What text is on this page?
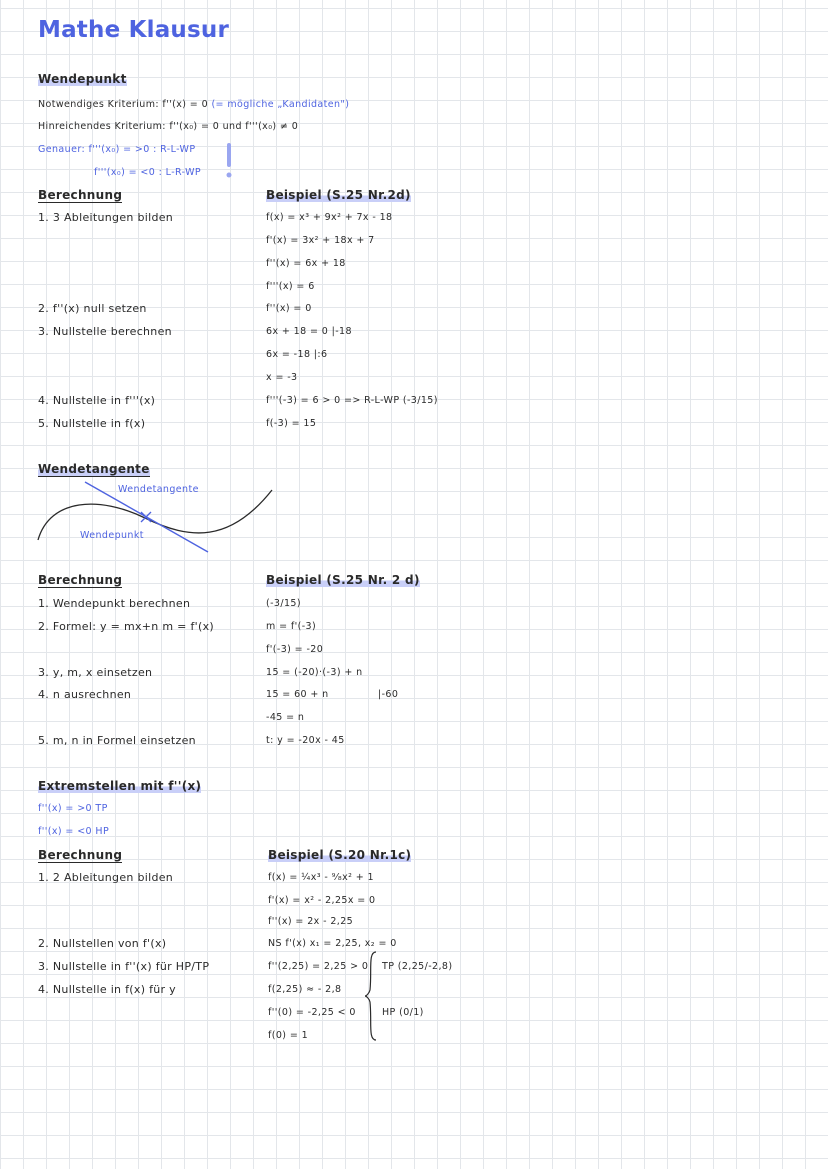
Mathe Klausur
Wendepunkt
Notwendiges Kriterium: f''(x) = 0 (= mögliche „Kandidaten")
Hinreichendes Kriterium: f''(x₀) = 0 und f'''(x₀) ≠ 0
Genauer: f'''(x₀) = >0 : R-L-WP
f'''(x₀) = <0 : L-R-WP
Berechnung
1. 3 Ableitungen bilden
2. f''(x) null setzen
3. Nullstelle berechnen
4. Nullstelle in f'''(x)
5. Nullstelle in f(x)
Beispiel (S.25 Nr.2d)
f(x) = x³ + 9x² + 7x - 18
f'(x) = 3x² + 18x + 7
f''(x) = 6x + 18
f'''(x) = 6
f''(x) = 0
6x + 18 = 0 |-18
6x = -18 |:6
x = -3
f'''(-3) = 6 > 0 => R-L-WP (-3/15)
f(-3) = 15
Wendetangente
Wendetangente
Wendepunkt
Berechnung
1. Wendepunkt berechnen
2. Formel: y = mx+n m = f'(x)
3. y, m, x einsetzen
4. n ausrechnen
5. m, n in Formel einsetzen
Beispiel (S.25 Nr. 2 d)
(-3/15)
m = f'(-3)
f'(-3) = -20
15 = (-20)·(-3) + n
15 = 60 + n	|-60
-45 = n
t: y = -20x - 45
Extremstellen mit f''(x)
f''(x) = >0 TP
f''(x) = <0 HP
Berechnung
1. 2 Ableitungen bilden
2. Nullstellen von f'(x)
3. Nullstelle in f''(x) für HP/TP
4. Nullstelle in f(x) für y
Beispiel (S.20 Nr.1c)
f(x) = ¼x³ - ⁹⁄₈x² + 1
f'(x) = x² - 2,25x = 0
f''(x) = 2x - 2,25
NS f'(x) x₁ = 2,25, x₂ = 0
f''(2,25) = 2,25 > 0
f(2,25) ≈ - 2,8
f''(0) = -2,25 < 0
f(0) = 1
TP (2,25/-2,8)
HP (0/1)
